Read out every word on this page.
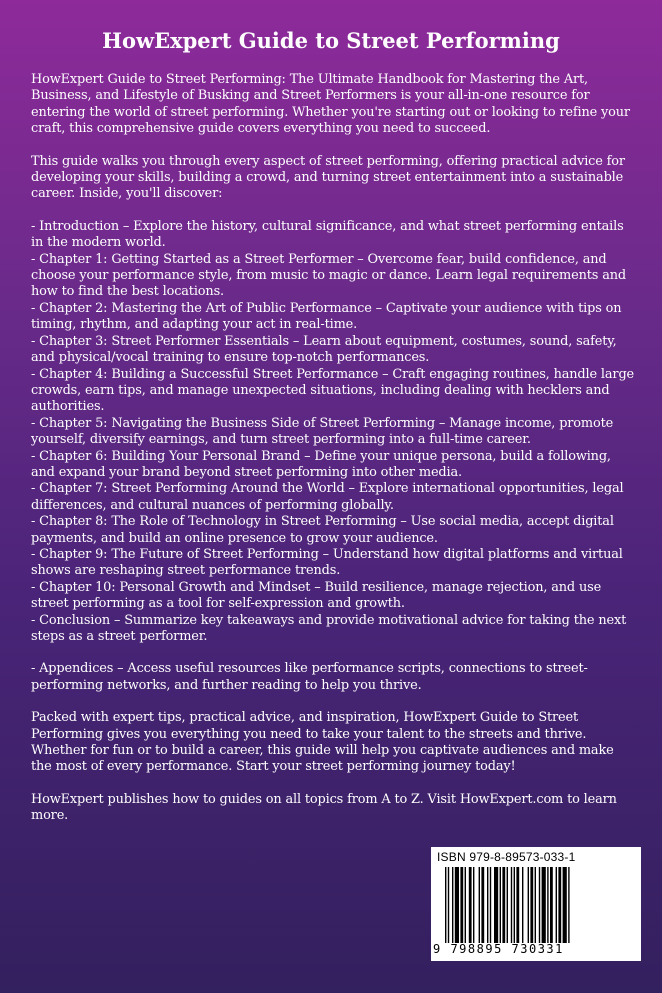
HowExpert Guide to Street Performing

HowExpert Guide to Street Performing: The Ultimate Handbook for Mastering the Art, Business, and Lifestyle of Busking and Street Performers is your all-in-one resource for entering the world of street performing. Whether you're starting out or looking to refine your craft, this comprehensive guide covers everything you need to succeed.

This guide walks you through every aspect of street performing, offering practical advice for developing your skills, building a crowd, and turning street entertainment into a sustainable career. Inside, you'll discover:

- Introduction – Explore the history, cultural significance, and what street performing entails in the modern world.
- Chapter 1: Getting Started as a Street Performer – Overcome fear, build confidence, and choose your performance style, from music to magic or dance. Learn legal requirements and how to find the best locations.
- Chapter 2: Mastering the Art of Public Performance – Captivate your audience with tips on timing, rhythm, and adapting your act in real-time.
- Chapter 3: Street Performer Essentials – Learn about equipment, costumes, sound, safety, and physical/vocal training to ensure top-notch performances.
- Chapter 4: Building a Successful Street Performance – Craft engaging routines, handle large crowds, earn tips, and manage unexpected situations, including dealing with hecklers and authorities.
- Chapter 5: Navigating the Business Side of Street Performing – Manage income, promote yourself, diversify earnings, and turn street performing into a full-time career.
- Chapter 6: Building Your Personal Brand – Define your unique persona, build a following, and expand your brand beyond street performing into other media.
- Chapter 7: Street Performing Around the World – Explore international opportunities, legal differences, and cultural nuances of performing globally.
- Chapter 8: The Role of Technology in Street Performing – Use social media, accept digital payments, and build an online presence to grow your audience.
- Chapter 9: The Future of Street Performing – Understand how digital platforms and virtual shows are reshaping street performance trends.
- Chapter 10: Personal Growth and Mindset – Build resilience, manage rejection, and use street performing as a tool for self-expression and growth.
- Conclusion – Summarize key takeaways and provide motivational advice for taking the next steps as a street performer.

- Appendices – Access useful resources like performance scripts, connections to street-performing networks, and further reading to help you thrive.

Packed with expert tips, practical advice, and inspiration, HowExpert Guide to Street Performing gives you everything you need to take your talent to the streets and thrive. Whether for fun or to build a career, this guide will help you captivate audiences and make the most of every performance. Start your street performing journey today!

HowExpert publishes how to guides on all topics from A to Z. Visit HowExpert.com to learn more.

ISBN 979-8-89573-033-1
9 798895 730331
